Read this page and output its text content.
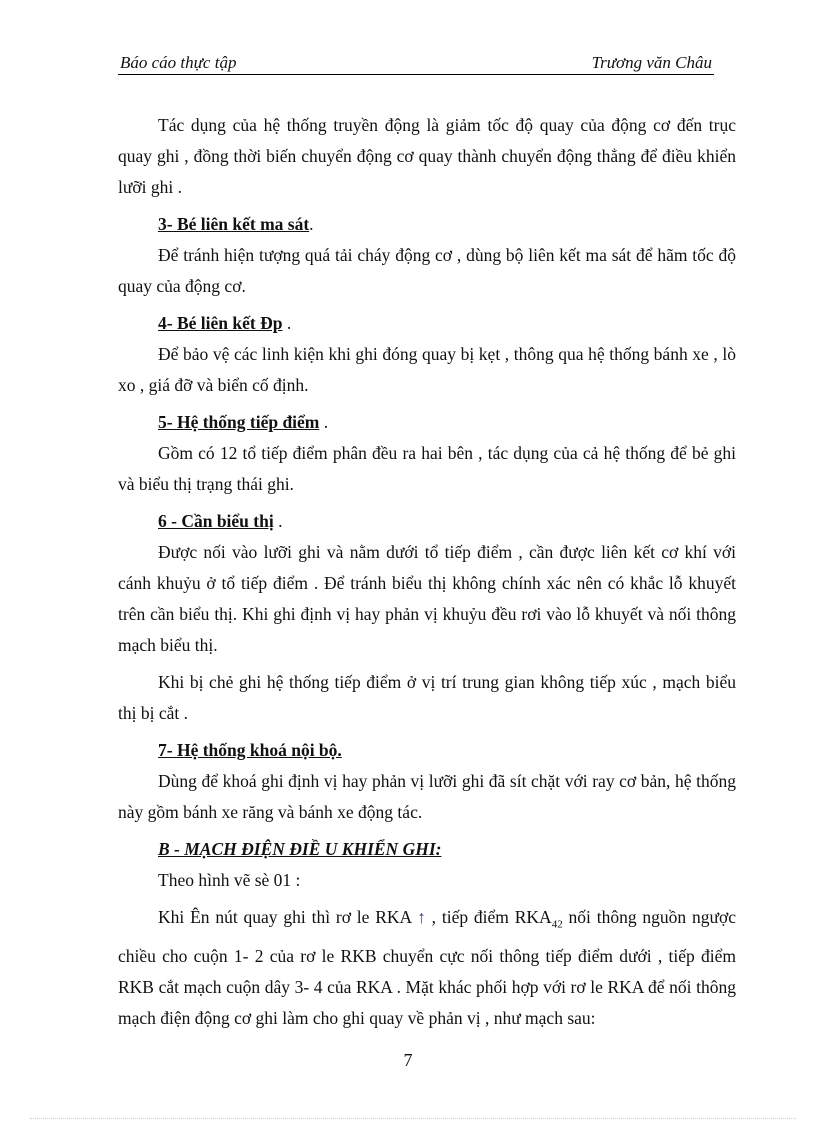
Báo cáo thực tập	Trương văn Châu

Tác dụng của hệ thống truyền động là giảm tốc độ quay của động cơ đến trục quay ghi , đồng thời biến chuyển động cơ quay thành chuyển động thẳng để điều khiển lưỡi ghi .

3- Bé liên kết ma sát.

Để tránh hiện tượng quá tải cháy động cơ , dùng bộ liên kết ma sát để hãm tốc độ quay của động cơ.

4- Bé liên kết Đp .

Để bảo vệ các linh kiện khi ghi đóng quay bị kẹt , thông qua hệ thống bánh xe , lò xo , giá đỡ và biển cố định.

5- Hệ thống tiếp điểm .

Gồm có 12 tổ tiếp điểm phân đều ra hai bên , tác dụng của cả hệ thống để bẻ ghi và biểu thị trạng thái ghi.

6 - Cần biểu thị .

Được nối vào lưỡi ghi và nằm dưới tổ tiếp điểm , cần được liên kết cơ khí với cánh khuỷu ở tổ tiếp điểm . Để tránh biểu thị không chính xác nên có khắc lỗ khuyết trên cần biểu thị. Khi ghi định vị hay phản vị khuỷu đều rơi vào lỗ khuyết và nối thông mạch biểu thị.

Khi bị chẻ ghi hệ thống tiếp điểm ở vị trí trung gian không tiếp xúc , mạch biểu thị bị cắt .

7- Hệ thống khoá nội bộ.

Dùng để khoá ghi định vị hay phản vị lưỡi ghi đã sít chặt với ray cơ bản, hệ thống này gồm bánh xe răng và bánh xe động tác.

B - MẠCH ĐIỆN ĐIỀ U KHIỂN GHI:

Theo hình vẽ sè 01 :

Khi Ên nút quay ghi thì rơ le RKA ↑ , tiếp điểm $RKA_{42}$ nối thông nguồn ngược chiều cho cuộn 1- 2 của rơ le RKB chuyển cực nối thông tiếp điểm dưới , tiếp điểm RKB cắt mạch cuộn dây 3- 4 của RKA . Mặt khác phối hợp với rơ le RKA để nối thông mạch điện động cơ ghi làm cho ghi quay về phản vị , như mạch sau:

7
